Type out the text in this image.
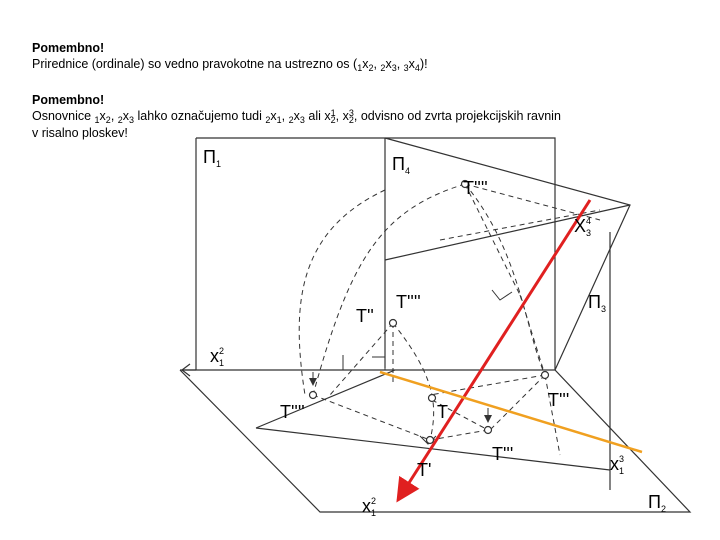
Pomembno!
Prirednice (ordinale) so vedno pravokotne na ustrezno os ($_1x_2$, $_2x_3$, $_3x_4$)!
Pomembno!
Osnovnice $_1x_2$, $_2x_3$ lahko označujemo tudi $_2x_1$, $_2x_3$ ali $x^1_2$, $x^3_2$, odvisno od zvrta projekcijskih ravnin
v risalno ploskev!
$\Pi_1$	$\Pi_4$
$\Pi_3$
$\Pi_2$
T''''
T''''
T''
T'''
T
T''''
T'''
T'
$x^2$ 1
$X^4$ 3
$x^3$ 1
$x^2$ 1
